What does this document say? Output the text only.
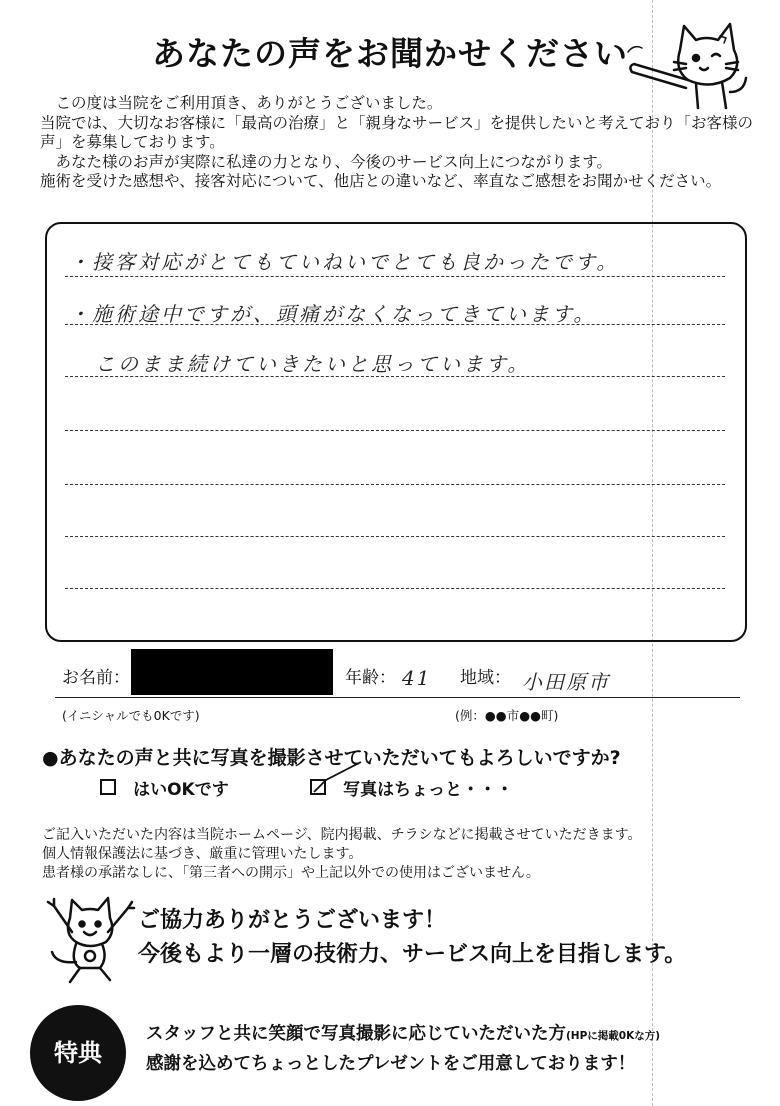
あなたの声をお聞かせください

この度は当院をご利用頂き、ありがとうございました。

当院では、大切なお客様に「最高の治療」と「親身なサービス」を提供したいと考えており「お客様の声」を募集しております。

あなた様のお声が実際に私達の力となり、今後のサービス向上につながります。

施術を受けた感想や、接客対応について、他店との違いなど、率直なご感想をお聞かせください。

・接客対応がとてもていねいでとても良かったです。
・施術途中ですが、頭痛がなくなってきています。
このまま続けていきたいと思っています。
お名前：	年齢： 41 地域： 小田原市
(イニシャルでも0Kです)	(例：●●市●●町)
●あなたの声と共に写真を撮影させていただいてもよろしいですか?
はいOKです	写真はちょっと・・・

ご記入いただいた内容は当院ホームページ、院内掲載、チラシなどに掲載させていただきます。

個人情報保護法に基づき、厳重に管理いたします。

患者様の承諾なしに、「第三者への開示」や上記以外での使用はございません。

ご協力ありがとうございます！
今後もより一層の技術力、サービス向上を目指します。
特典
スタッフと共に笑顔で写真撮影に応じていただいた方(HPに掲載0Kな方)
感謝を込めてちょっとしたプレゼントをご用意しております！
